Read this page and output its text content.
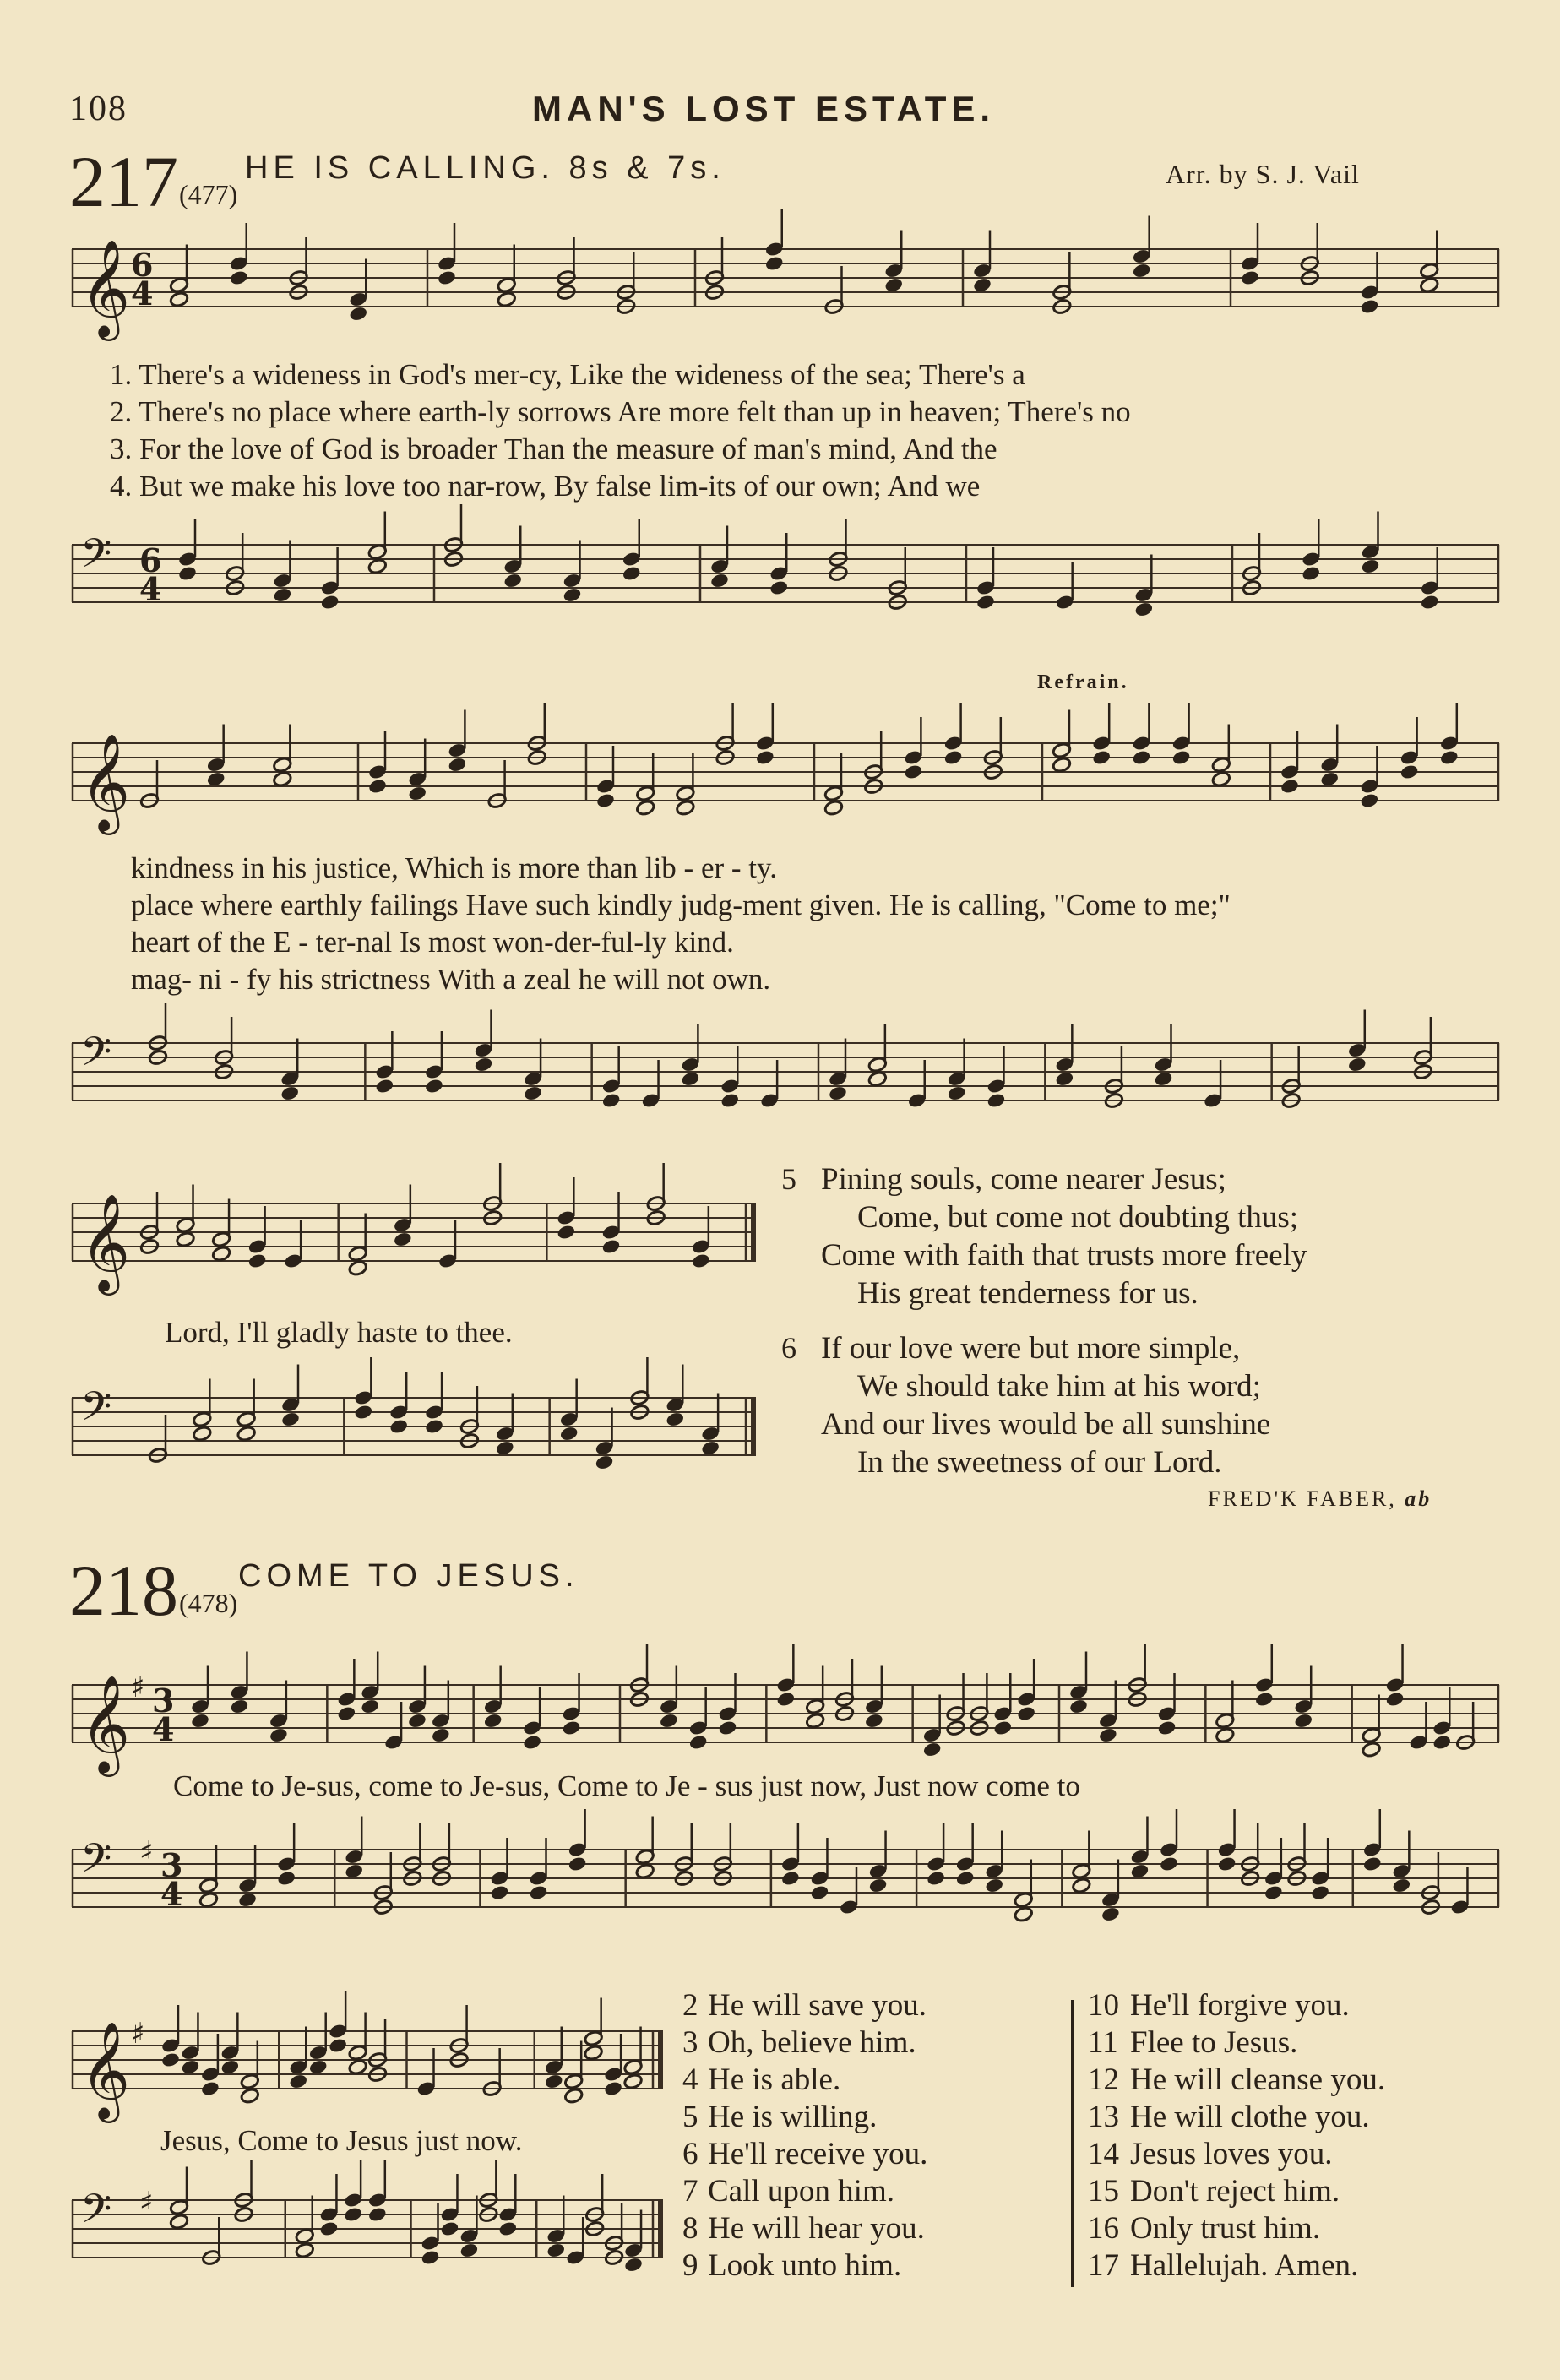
108	MAN'S LOST ESTATE.
217 (477)
HE IS CALLING. 8s & 7s.	Arr. by S. J. Vail
𝄞 6
4
1. There's a wideness in God's mer-cy, Like the wideness of the sea; There's a
2. There's no place where earth-ly sorrows Are more felt than up in heaven; There's no
3. For the love of God is broader Than the measure of man's mind, And the
4. But we make his love too nar-row, By false lim-its of our own; And we
𝄢 6
4
Refrain.
𝄞
kindness in his justice, Which is more than lib - er - ty.
place where earthly failings Have such kindly judg-ment given. He is calling, "Come to me;"
heart of the E - ter-nal Is most won-der-ful-ly kind.
mag- ni - fy his strictness With a zeal he will not own.
𝄢
𝄞
Lord, I'll gladly haste to thee.
𝄢
5 Pining souls, come nearer Jesus;
Come, but come not doubting thus;
Come with faith that trusts more freely
His great tenderness for us.
6 If our love were but more simple,
We should take him at his word;
And our lives would be all sunshine
In the sweetness of our Lord.
FRED'K FABER, ab
218 (478)
COME TO JESUS.
𝄞 ♯ 3
4
Come to Je-sus, come to Je-sus, Come to Je - sus just now, Just now come to
𝄢 ♯ 3
4
𝄞 ♯
Jesus, Come to Jesus just now.
𝄢 ♯
2 He will save you.
3 Oh, believe him.
4 He is able.
5 He is willing.
6 He'll receive you.
7 Call upon him.
8 He will hear you.
9 Look unto him.
10 He'll forgive you.
11 Flee to Jesus.
12 He will cleanse you.
13 He will clothe you.
14 Jesus loves you.
15 Don't reject him.
16 Only trust him.
17 Hallelujah. Amen.
